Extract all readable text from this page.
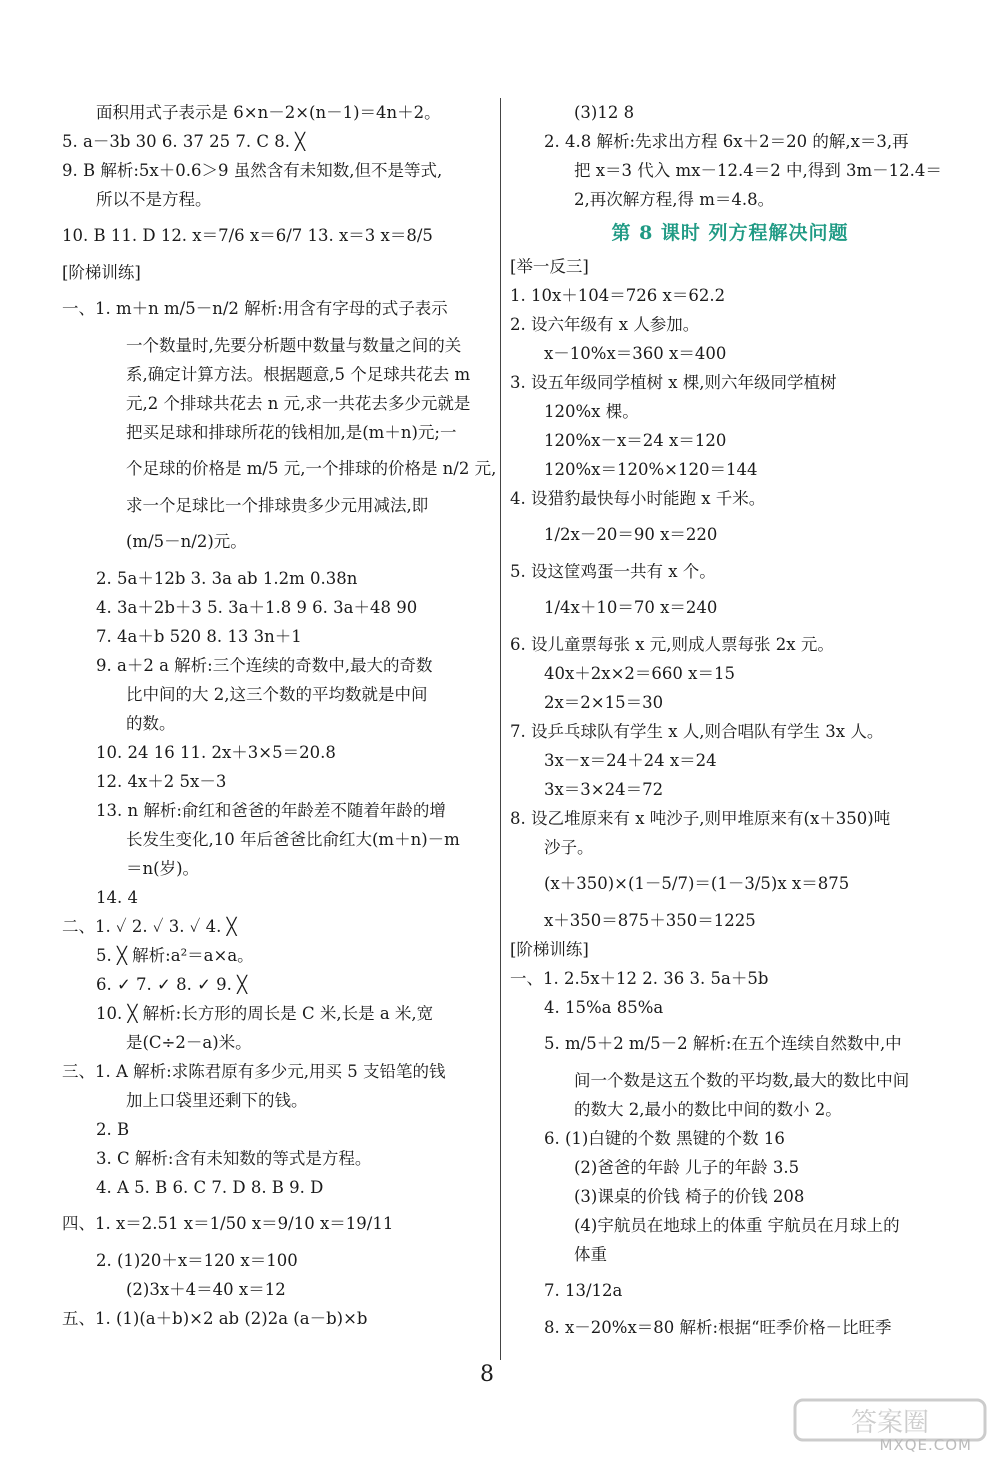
面积用式子表示是 6×n－2×(n－1)＝4n＋2。
5. a－3b 30 6. 37 25 7. C 8. ╳
9. B 解析:5x＋0.6＞9 虽然含有未知数,但不是等式,
所以不是方程。
10. B 11. D 12. x＝7/6 x＝6/7 13. x＝3 x＝8/5
[阶梯训练]
一、1. m＋n m/5－n/2 解析:用含有字母的式子表示
一个数量时,先要分析题中数量与数量之间的关
系,确定计算方法。根据题意,5 个足球共花去 m
元,2 个排球共花去 n 元,求一共花去多少元就是
把买足球和排球所花的钱相加,是(m＋n)元;一
个足球的价格是 m/5 元,一个排球的价格是 n/2 元,
求一个足球比一个排球贵多少元用减法,即
(m/5－n/2)元。
2. 5a＋12b 3. 3a ab 1.2m 0.38n
4. 3a＋2b＋3 5. 3a＋1.8 9 6. 3a＋48 90
7. 4a＋b 520 8. 13 3n＋1
9. a＋2 a 解析:三个连续的奇数中,最大的奇数
比中间的大 2,这三个数的平均数就是中间
的数。
10. 24 16 11. 2x＋3×5＝20.8
12. 4x＋2 5x－3
13. n 解析:俞红和爸爸的年龄差不随着年龄的增
长发生变化,10 年后爸爸比俞红大(m＋n)－m
＝n(岁)。
14. 4
二、1. ✓ 2. ✓ 3. ✓ 4. ╳
5. ╳ 解析:a²＝a×a。
6. ✓ 7. ✓ 8. ✓ 9. ╳
10. ╳ 解析:长方形的周长是 C 米,长是 a 米,宽
是(C÷2－a)米。
三、1. A 解析:求陈君原有多少元,用买 5 支铅笔的钱
加上口袋里还剩下的钱。
2. B
3. C 解析:含有未知数的等式是方程。
4. A 5. B 6. C 7. D 8. B 9. D
四、1. x＝2.51 x＝1/50 x＝9/10 x＝19/11
2. (1)20＋x＝120 x＝100
(2)3x＋4＝40 x＝12
五、1. (1)(a＋b)×2 ab (2)2a (a－b)×b
(3)12 8
2. 4.8 解析:先求出方程 6x＋2＝20 的解,x＝3,再
把 x＝3 代入 mx－12.4＝2 中,得到 3m－12.4＝
2,再次解方程,得 m＝4.8。
第 8 课时 列方程解决问题
[举一反三]
1. 10x＋104＝726 x＝62.2
2. 设六年级有 x 人参加。
x－10%x＝360 x＝400
3. 设五年级同学植树 x 棵,则六年级同学植树
120%x 棵。
120%x－x＝24 x＝120
120%x＝120%×120＝144
4. 设猎豹最快每小时能跑 x 千米。
1/2x－20＝90 x＝220
5. 设这筐鸡蛋一共有 x 个。
1/4x＋10＝70 x＝240
6. 设儿童票每张 x 元,则成人票每张 2x 元。
40x＋2x×2＝660 x＝15
2x＝2×15＝30
7. 设乒乓球队有学生 x 人,则合唱队有学生 3x 人。
3x－x＝24＋24 x＝24
3x＝3×24＝72
8. 设乙堆原来有 x 吨沙子,则甲堆原来有(x＋350)吨
沙子。
(x＋350)×(1－5/7)＝(1－3/5)x x＝875
x＋350＝875＋350＝1225
[阶梯训练]
一、1. 2.5x＋12 2. 36 3. 5a＋5b
4. 15%a 85%a
5. m/5＋2 m/5－2 解析:在五个连续自然数中,中
间一个数是这五个数的平均数,最大的数比中间
的数大 2,最小的数比中间的数小 2。
6. (1)白键的个数 黑键的个数 16
(2)爸爸的年龄 儿子的年龄 3.5
(3)课桌的价钱 椅子的价钱 208
(4)宇航员在地球上的体重 宇航员在月球上的
体重
7. 13/12a
8. x－20%x＝80 解析:根据“旺季价格－比旺季
8
答案圈
MXQE.COM
